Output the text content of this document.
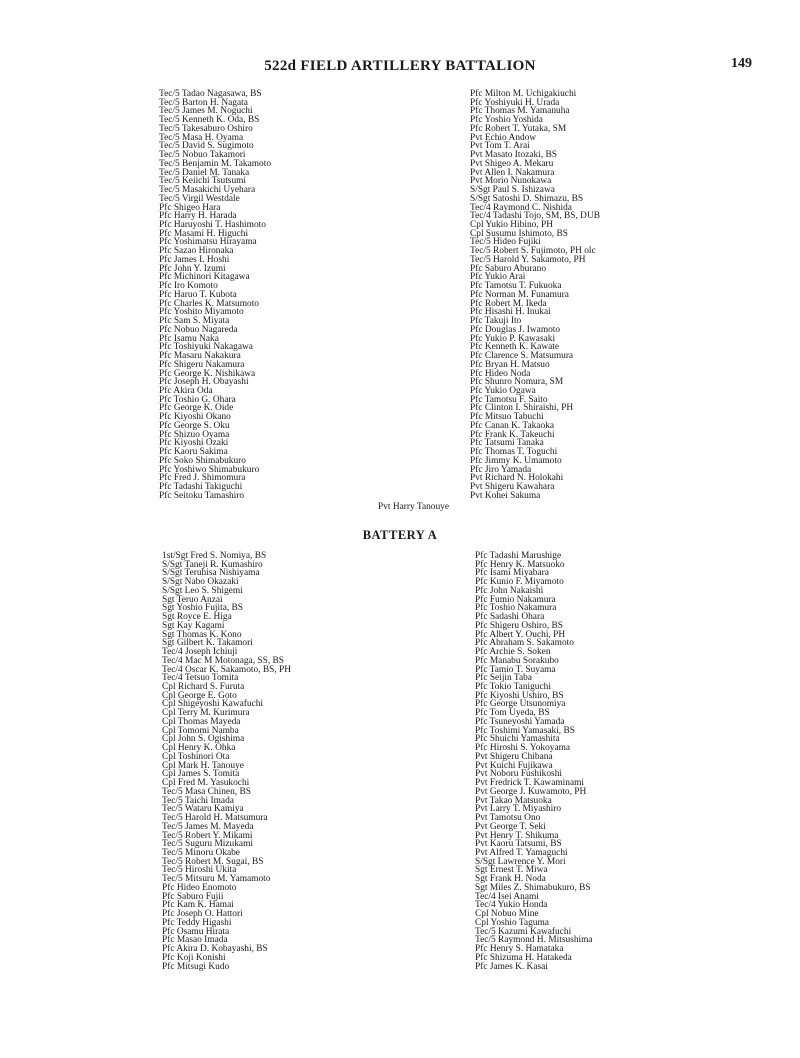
522d FIELD ARTILLERY BATTALION	149
Tec/5 Tadao Nagasawa, BS
Tec/5 Barton H. Nagata
Tec/5 James M. Noguchi
Tec/5 Kenneth K. Oda, BS
Tec/5 Takesaburo Oshiro
Tec/5 Masa H. Oyama
Tec/5 David S. Sugimoto
Tec/5 Nobuo Takamori
Tec/5 Benjamin M. Takamoto
Tec/5 Daniel M. Tanaka
Tec/5 Keiichi Tsutsumi
Tec/5 Masakichi Uyehara
Tec/5 Virgil Westdale
Pfc Shigeo Hara
Pfc Harry H. Harada
Pfc Haruyoshi T. Hashimoto
Pfc Masami H. Higuchi
Pfc Yoshimatsu Hirayama
Pfc Sazao Hironaka
Pfc James I. Hoshi
Pfc John Y. Izumi
Pfc Michinori Kitagawa
Pfc Iro Komoto
Pfc Haruo T. Kubota
Pfc Charles K. Matsumoto
Pfc Yoshito Miyamoto
Pfc Sam S. Miyata
Pfc Nobuo Nagareda
Pfc Isamu Naka
Pfc Toshiyuki Nakagawa
Pfc Masaru Nakakura
Pfc Shigeru Nakamura
Pfc George K. Nishikawa
Pfc Joseph H. Obayashi
Pfc Akira Oda
Pfc Toshio G. Ohara
Pfc George K. Oide
Pfc Kiyoshi Okano
Pfc George S. Oku
Pfc Shizuo Oyama
Pfc Kiyoshi Ozaki
Pfc Kaoru Sakima
Pfc Soko Shimabukuro
Pfc Yoshiwo Shimabukuro
Pfc Fred J. Shimomura
Pfc Tadashi Takiguchi
Pfc Seitoku Tamashiro
Pfc Milton M. Uchigakiuchi
Pfc Yoshiyuki H. Urada
Pfc Thomas M. Yamanuha
Pfc Yoshio Yoshida
Pfc Robert T. Yutaka, SM
Pvt Echio Andow
Pvt Tom T. Arai
Pvt Masato Itozaki, BS
Pvt Shigeo A. Mekaru
Pvt Allen I. Nakamura
Pvt Morio Nunokawa
S/Sgt Paul S. Ishizawa
S/Sgt Satoshi D. Shimazu, BS
Tec/4 Raymond C. Nishida
Tec/4 Tadashi Tojo, SM, BS, DUB
Cpl Yukio Hibino, PH
Cpl Susumu Ishimoto, BS
Tec/5 Hideo Fujiki
Tec/5 Robert S. Fujimoto, PH olc
Tec/5 Harold Y. Sakamoto, PH
Pfc Saburo Aburano
Pfc Yukio Arai
Pfc Tamotsu T. Fukuoka
Pfc Norman M. Funamura
Pfc Robert M. Ikeda
Pfc Hisashi H. Inukai
Pfc Takuji Ito
Pfc Douglas J. Iwamoto
Pfc Yukio P. Kawasaki
Pfc Kenneth K. Kawate
Pfc Clarence S. Matsumura
Pfc Bryan H. Matsuo
Pfc Hideo Noda
Pfc Shunro Nomura, SM
Pfc Yukio Ogawa
Pfc Tamotsu F. Saito
Pfc Clinton I. Shiraishi, PH
Pfc Mitsuo Tabuchi
Pfc Canan K. Takaoka
Pfc Frank K. Takeuchi
Pfc Tatsumi Tanaka
Pfc Thomas T. Toguchi
Pfc Jimmy K. Umamoto
Pfc Jiro Yamada
Pvt Richard N. Holokahi
Pvt Shigeru Kawahara
Pvt Kohei Sakuma
Pvt Harry Tanouye
BATTERY A
1st/Sgt Fred S. Nomiya, BS
S/Sgt Taneji R. Kumashiro
S/Sgt Teruhisa Nishiyama
S/Sgt Nabo Okazaki
S/Sgt Leo S. Shigemi
Sgt Teruo Anzai
Sgt Yoshio Fujita, BS
Sgt Royce E. Higa
Sgt Kay Kagami
Sgt Thomas K. Kono
Sgt Gilbert K. Takamori
Tec/4 Joseph Ichiuji
Tec/4 Mac M Motonaga, SS, BS
Tec/4 Oscar K. Sakamoto, BS, PH
Tec/4 Tetsuo Tomita
Cpl Richard S. Furuta
Cpl George E. Goto
Cpl Shigeyoshi Kawafuchi
Cpl Terry M. Kurimura
Cpl Thomas Mayeda
Cpl Tomomi Namba
Cpl John S. Ogishima
Cpl Henry K. Ohka
Cpl Toshinori Ota
Cpl Mark H. Tanouye
Cpl James S. Tomita
Cpl Fred M. Yasukochi
Tec/5 Masa Chinen, BS
Tec/5 Taichi Imada
Tec/5 Wataru Kamiya
Tec/5 Harold H. Matsumura
Tec/5 James M. Mayeda
Tec/5 Robert Y. Mikami
Tec/5 Suguru Mizukami
Tec/5 Minoru Okabe
Tec/5 Robert M. Sugai, BS
Tec/5 Hiroshi Ukita
Tec/5 Mitsuru M. Yamamoto
Pfc Hideo Enomoto
Pfc Saburo Fujii
Pfc Kam K. Hamai
Pfc Joseph O. Hattori
Pfc Teddy Higashi
Pfc Osamu Hirata
Pfc Masao Imada
Pfc Akira D. Kobayashi, BS
Pfc Koji Konishi
Pfc Mitsugi Kudo
Pfc Tadashi Marushige
Pfc Henry K. Matsuoko
Pfc Isami Miyabara
Pfc Kunio F. Miyamoto
Pfc John Nakaishi
Pfc Fumio Nakamura
Pfc Toshio Nakamura
Pfc Sadashi Ohara
Pfc Shigeru Oshiro, BS
Pfc Albert Y. Ouchi, PH
Pfc Abraham S. Sakamoto
Pfc Archie S. Soken
Pfc Manabu Sorakubo
Pfc Tamio T. Suyama
Pfc Seijin Taba
Pfc Tokio Taniguchi
Pfc Kiyoshi Ushiro, BS
Pfc George Utsunomiya
Pfc Tom Uyeda, BS
Pfc Tsuneyoshi Yamada
Pfc Toshimi Yamasaki, BS
Pfc Shuichi Yamashita
Pfc Hiroshi S. Yokoyama
Pvt Shigeru Chibana
Pvt Kuichi Fujikawa
Pvt Noboru Fushikoshi
Pvt Fredrick T. Kawaminami
Pvt George J. Kuwamoto, PH
Pvt Takao Matsuoka
Pvt Larry T. Miyashiro
Pvt Tamotsu Ono
Pvt George T. Seki
Pvt Henry T. Shikuma
Pvt Kaoru Tatsumi, BS
Pvt Alfred T. Yamaguchi
S/Sgt Lawrence Y. Mori
Sgt Ernest T. Miwa
Sgt Frank H. Noda
Sgt Miles Z. Shimabukuro, BS
Tec/4 Isei Anami
Tec/4 Yukio Honda
Cpl Nobuo Mine
Cpl Yoshio Taguma
Tec/5 Kazumi Kawafuchi
Tec/5 Raymond H. Mitsushima
Pfc Henry S. Hamataka
Pfc Shizuma H. Hatakeda
Pfc James K. Kasai
